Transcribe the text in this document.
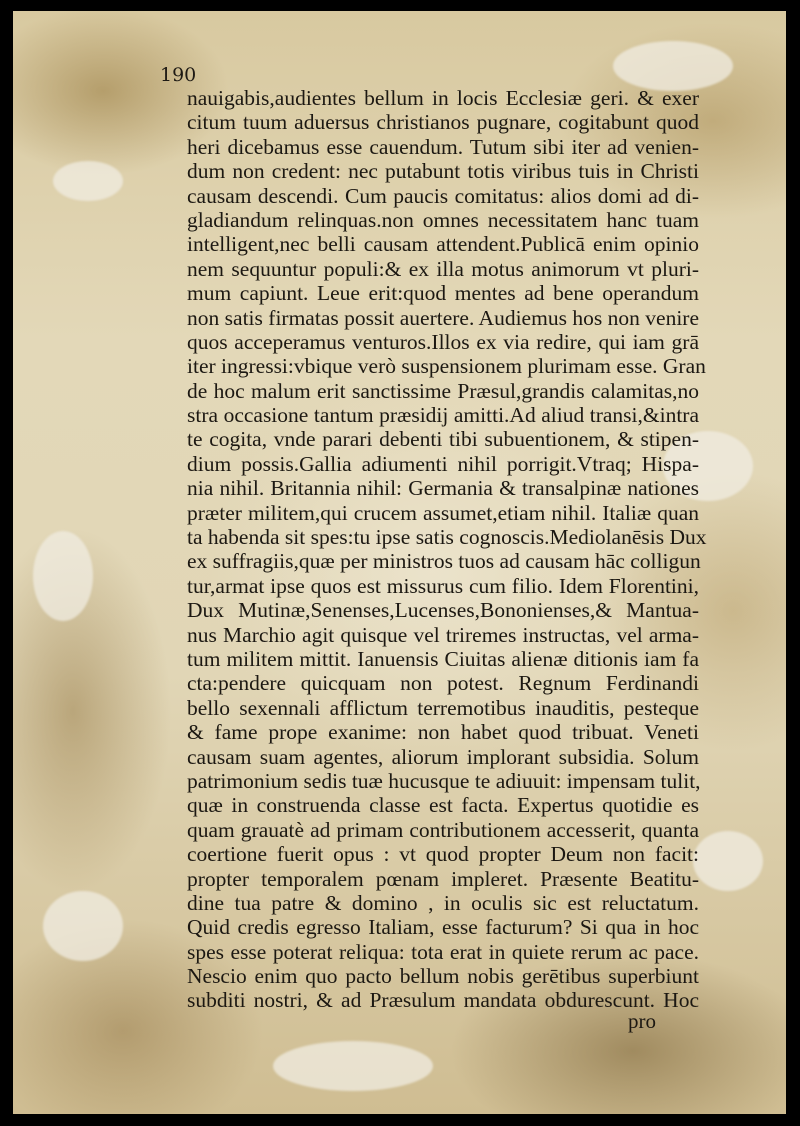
190
nauigabis,audientes bellum in locis Ecclesiæ geri. & exer
citum tuum aduersus christianos pugnare, cogitabunt quod
heri dicebamus esse cauendum. Tutum sibi iter ad venien-
dum non credent: nec putabunt totis viribus tuis in Christi
causam descendi. Cum paucis comitatus: alios domi ad di-
gladiandum relinquas.non omnes necessitatem hanc tuam
intelligent,nec belli causam attendent.Publicā enim opinio
nem sequuntur populi:& ex illa motus animorum vt pluri-
mum capiunt. Leue erit:quod mentes ad bene operandum
non satis firmatas possit auertere. Audiemus hos non venire
quos acceperamus venturos.Illos ex via redire, qui iam grā
iter ingressi:vbique verò suspensionem plurimam esse. Gran
de hoc malum erit sanctissime Præsul,grandis calamitas,no
stra occasione tantum præsidij amitti.Ad aliud transi,&intra
te cogita, vnde parari debenti tibi subuentionem, & stipen-
dium possis.Gallia adiumenti nihil porrigit.Vtraq; Hispa-
nia nihil. Britannia nihil: Germania & transalpinæ nationes
præter militem,qui crucem assumet,etiam nihil. Italiæ quan
ta habenda sit spes:tu ipse satis cognoscis.Mediolanēsis Dux
ex suffragiis,quæ per ministros tuos ad causam hāc colligun
tur,armat ipse quos est missurus cum filio. Idem Florentini,
Dux Mutinæ,Senenses,Lucenses,Bononienses,& Mantua-
nus Marchio agit quisque vel triremes instructas, vel arma-
tum militem mittit. Ianuensis Ciuitas alienæ ditionis iam fa
cta:pendere quicquam non potest. Regnum Ferdinandi
bello sexennali afflictum terremotibus inauditis, pesteque
& fame prope exanime: non habet quod tribuat. Veneti
causam suam agentes, aliorum implorant subsidia. Solum
patrimonium sedis tuæ hucusque te adiuuit: impensam tulit,
quæ in construenda classe est facta. Expertus quotidie es
quam grauatè ad primam contributionem accesserit, quanta
coertione fuerit opus : vt quod propter Deum non facit:
propter temporalem pœnam impleret. Præsente Beatitu-
dine tua patre & domino , in oculis sic est reluctatum.
Quid credis egresso Italiam, esse facturum? Si qua in hoc
spes esse poterat reliqua: tota erat in quiete rerum ac pace.
Nescio enim quo pacto bellum nobis gerētibus superbiunt
subditi nostri, & ad Præsulum mandata obdurescunt. Hoc
pro
